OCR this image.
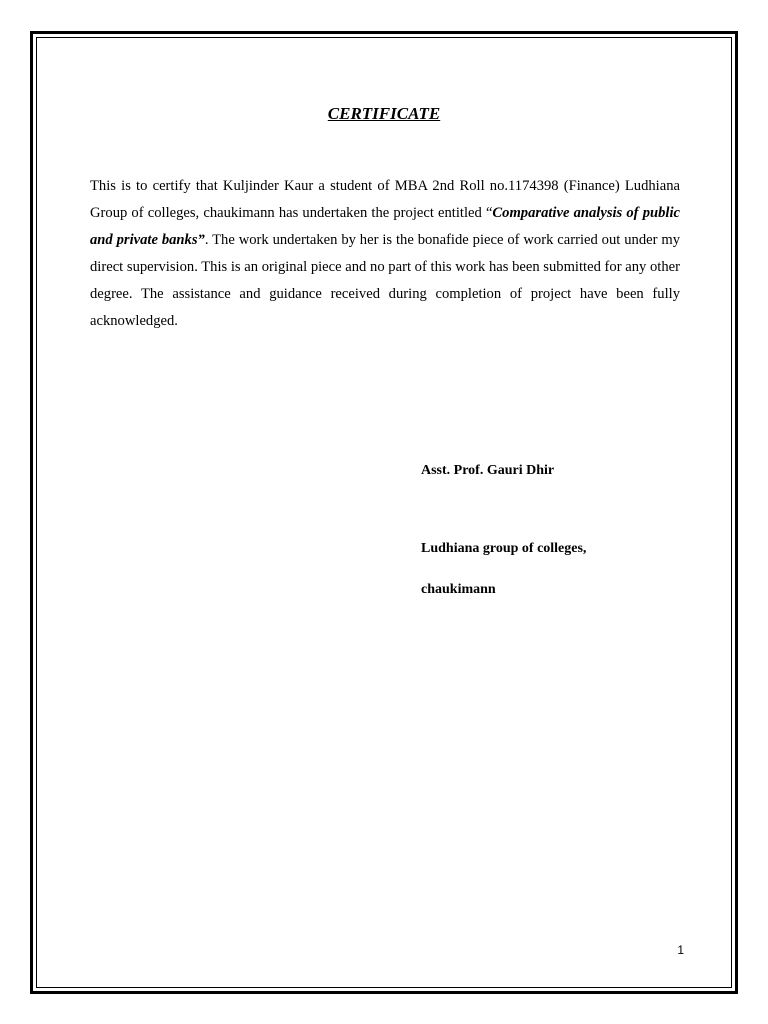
CERTIFICATE

This is to certify that Kuljinder Kaur a student of MBA 2nd Roll no.1174398 (Finance) Ludhiana Group of colleges, chaukimann has undertaken the project entitled “Comparative analysis of public and private banks”. The work undertaken by her is the bonafide piece of work carried out under my direct supervision. This is an original piece and no part of this work has been submitted for any other degree. The assistance and guidance received during completion of project have been fully acknowledged.

Asst. Prof. Gauri Dhir
Ludhiana group of colleges,
chaukimann
1
